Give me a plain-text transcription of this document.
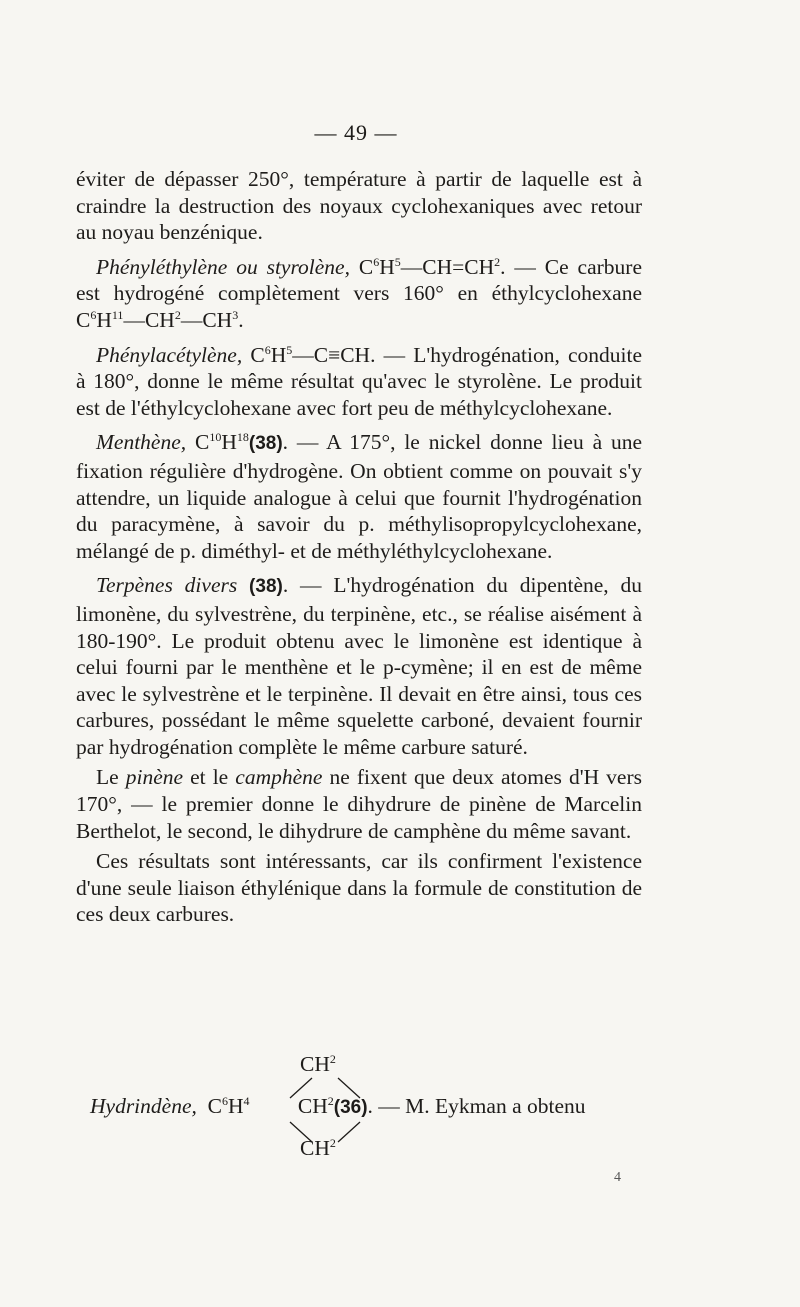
— 49 —

éviter de dépasser 250°, température à partir de laquelle est à craindre la destruction des noyaux cyclohexaniques avec retour au noyau benzénique.

Phényléthylène ou styrolène, $C^6H^5—CH=CH^2$. — Ce carbure est hydrogéné complètement vers 160° en éthylcyclohexane $C^6H^{11}—CH^2—CH^3$.

Phénylacétylène, $C^6H^5—C\equiv CH$. — L'hydrogénation, conduite à 180°, donne le même résultat qu'avec le styrolène. Le produit est de l'éthylcyclohexane avec fort peu de méthylcyclohexane.

Menthène, $C^{10}H^{18}(38)$. — A 175°, le nickel donne lieu à une fixation régulière d'hydrogène. On obtient comme on pouvait s'y attendre, un liquide analogue à celui que fournit l'hydrogénation du paracymène, à savoir du p. méthylisopropylcyclohexane, mélangé de p. diméthyl- et de méthyléthylcyclohexane.

Terpènes divers (38). — L'hydrogénation du dipentène, du limonène, du sylvestrène, du terpinène, etc., se réalise aisément à 180-190°. Le produit obtenu avec le limonène est identique à celui fourni par le menthène et le p-cymène; il en est de même avec le sylvestrène et le terpinène. Il devait en être ainsi, tous ces carbures, possédant le même squelette carboné, devaient fournir par hydrogénation complète le même carbure saturé.

Le pinène et le camphène ne fixent que deux atomes d'H vers 170°, — le premier donne le dihydrure de pinène de Marcelin Berthelot, le second, le dihydrure de camphène du même savant.

Ces résultats sont intéressants, car ils confirment l'existence d'une seule liaison éthylénique dans la formule de constitution de ces deux carbures.

$CH^2$
Hydrindène, $C^6H^4$ $CH^2(36)$. — M. Eykman a obtenu
$CH^2$
4
